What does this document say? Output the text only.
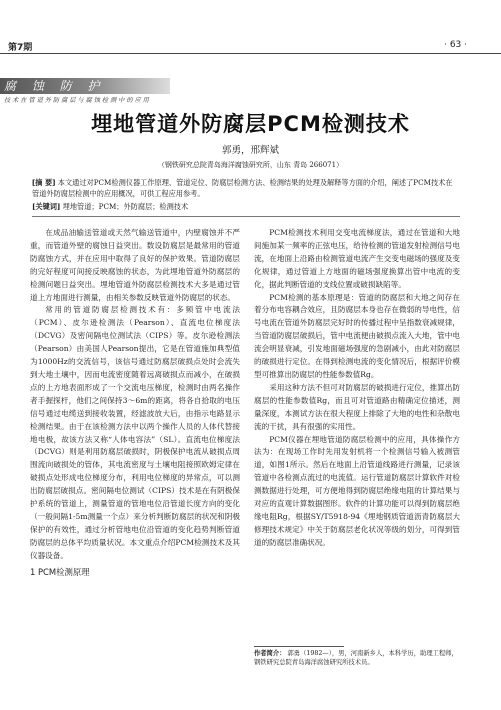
第7期	· 63 ·
腐 蚀 防 护
技 术 在 管 道 外 防 腐 层 与 腐 蚀 检 测 中 的 应 用
埋地管道外防腐层PCM检测技术
郭勇，邢辉斌
（钢铁研究总院青岛海洋腐蚀研究所，山东 青岛 266071）
[摘 要] 本文通过对PCM检测仪器工作原理、管道定位、防腐层检测方法、检测结果的处理及解释等方面的介绍，阐述了PCM技术在管道外防腐层检测中的应用概况，可供工程应用参考。
[关键词] 埋地管道；PCM；外防腐层；检测技术

在成品油输送管道或天然气输送管道中，内壁腐蚀并不严重，而管道外壁的腐蚀日益突出。数设防腐层是最常用的管道防腐蚀方式，并在应用中取得了良好的保护效果。管道防腐层的完好程度可间接反映腐蚀的状态，为此埋地管道外防腐层的检测问题日益突出。埋地管道外防腐层检测技术大多是通过管道上方地面进行测量，由相关参数反映管道外防腐层的状态。

常用的管道防腐层检测技术有：多频管中电流法（PCM）、皮尔逊检测法（Pearson）、直流电位梯度法（DCVG）及密间隔电位测试法（CIPS）等。皮尔逊检测法（Pearson）由美国人Pearson提出，它是在管道施加典型值为1000Hz的交流信号，该信号通过防腐层破损点处时会流失到大地土壤中，因而电流密度随着远离破损点而减小，在破损点的上方地表面形成了一个交流电压梯度，检测时由两名操作者手握探杆，他们之间保持3～6m的距离，将各自拾取的电压信号通过电缆送到接收装置，经滤波放大后，由指示电路显示检测结果。由于在该检测方法中以两个操作人员的人体代替接地电极，故该方法又称“人体电容法”（SL）。直流电位梯度法（DCVG）则是利用防腐层破损时，阴极保护电流从破损点周围流向破损处的管体，其电流密度与土壤电阻接照欧姆定律在破损点处形成电位梯度分布，利用电位梯度的异常点，可以测出防腐层破损点。密间隔电位测试（CIPS）技术是在有阴极保护系统的管道上，测量管道的管地电位沿管道长度方向的变化（一般间隔1-5m测量一个点）来分析判断防腐层的状况和阴极保护的有效性，通过分析管地电位沿管道的变化趋势判断管道防腐层的总体平均质量状况。本文重点介绍PCM检测技术及其仪器设备。

1 PCM检测原理

PCM检测技术利用交变电流梯度法，通过在管道和大地间施加某一频率的正弦电压，给待检测的管道发射检测信号电流，在地面上沿路由检测管道电流产生交变电磁场的强度及变化规律，通过管道上方地面的磁场强度换算出管中电流的变化，据此判断管道的支线位置或破损缺陷等。

PCM检测的基本原理是：管道的防腐层和大地之间存在着分布电容耦合效应，且防腐层本身也存在微弱的导电性，信号电流在管道外防腐层完好时的传播过程中呈指数衰减规律，当管道防腐层破损后，管中电流便由破损点流入大地，管中电流会明显衰减，引发地面磁场强度的急剧减小，由此对防腐层的破损进行定位。在得到检测电流的变化情况后，根据评价模型可推算出防腐层的性能参数值Rg。

采用这种方法不但可对防腐层的破损进行定位，推算出防腐层的性能参数值Rg，而且可对管道路由精确定位描述，测量深度，本测试方法在很大程度上排除了大地的电性和杂散电流的干扰，具有很强的实用性。

PCM仪器在埋地管道防腐层检测中的应用，具体操作方法为：在现场工作时先用发射机将一个检测信号输入被测管道，如图1所示。然后在地面上沿管道线路进行测量，记录该管道中各检测点流过的电流值。运行管道防腐层计算软件对检测数据进行处理，可方便地得到防腐层绝缘电阻的计算结果与对应的直观计算数据图形。软件的计算功能可以得到防腐层绝缘电阻Rg，根据SY/T5918-94《埋地钢质管道沥青防腐层大修理技术规定》中关于防腐层老化状况等级的划分，可得到管道的防腐层准确状况。

作者简介： 郭勇（1982—），男，河南新乡人，本科学历，助理工程师，钢铁研究总院青岛海洋腐蚀研究所技术员。
